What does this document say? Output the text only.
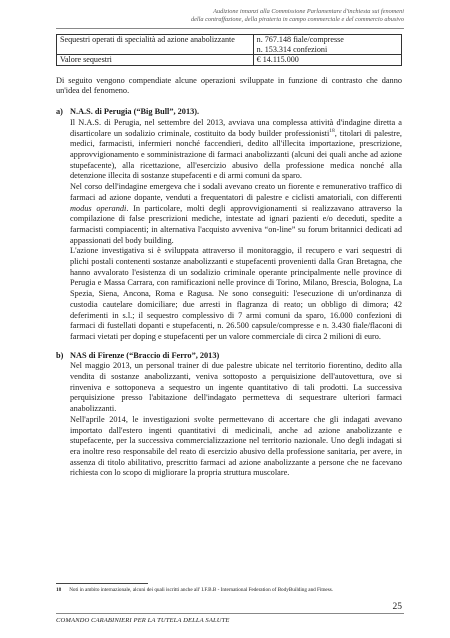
Audizione innanzi alla Commissione Parlamentare d'inchiesta sui fenomeni
della contraffazione, della pirateria in campo commerciale e del commercio abusivo
Sequestri operati di specialità ad azione anabolizzante	n. 767.148 fiale/compresse
n. 153.314 confezioni

Valore sequestri	€ 14.115.000

Di seguito vengono compendiate alcune operazioni sviluppate in funzione di contrasto che danno un'idea del fenomeno.

a) N.A.S. di Perugia (“Big Bull”, 2013).

Il N.A.S. di Perugia, nel settembre del 2013, avviava una complessa attività d'indagine diretta a disarticolare un sodalizio criminale, costituito da body builder professionisti$^{18}$, titolari di palestre, medici, farmacisti, infermieri nonché faccendieri, dedito all'illecita importazione, prescrizione, approvvigionamento e somministrazione di farmaci anabolizzanti (alcuni dei quali anche ad azione stupefacente), alla ricettazione, all'esercizio abusivo della professione medica nonché alla detenzione illecita di sostanze stupefacenti e di armi comuni da sparo.

Nel corso dell'indagine emergeva che i sodali avevano creato un fiorente e remunerativo traffico di farmaci ad azione dopante, venduti a frequentatori di palestre e ciclisti amatoriali, con differenti modus operandi. In particolare, molti degli approvvigionamenti si realizzavano attraverso la compilazione di false prescrizioni mediche, intestate ad ignari pazienti e/o deceduti, spedite a farmacisti compiacenti; in alternativa l'acquisto avveniva “on-line” su forum britannici dedicati ad appassionati del body building.

L'azione investigativa si è sviluppata attraverso il monitoraggio, il recupero e vari sequestri di plichi postali contenenti sostanze anabolizzanti e stupefacenti provenienti dalla Gran Bretagna, che hanno avvalorato l'esistenza di un sodalizio criminale operante principalmente nelle province di Perugia e Massa Carrara, con ramificazioni nelle province di Torino, Milano, Brescia, Bologna, La Spezia, Siena, Ancona, Roma e Ragusa. Ne sono conseguiti: l'esecuzione di un'ordinanza di custodia cautelare domiciliare; due arresti in flagranza di reato; un obbligo di dimora; 42 deferimenti in s.l.; il sequestro complessivo di 7 armi comuni da sparo, 16.000 confezioni di farmaci di fustellati dopanti e stupefacenti, n. 26.500 capsule/compresse e n. 3.430 fiale/flaconi di farmaci vietati per doping e stupefacenti per un valore commerciale di circa 2 milioni di euro.

b) NAS di Firenze (“Braccio di Ferro”, 2013)

Nel maggio 2013, un personal trainer di due palestre ubicate nel territorio fiorentino, dedito alla vendita di sostanze anabolizzanti, veniva sottoposto a perquisizione dell'autovettura, ove si rinveniva e sottoponeva a sequestro un ingente quantitativo di tali prodotti. La successiva perquisizione presso l'abitazione dell'indagato permetteva di sequestrare ulteriori farmaci anabolizzanti.

Nell'aprile 2014, le investigazioni svolte permettevano di accertare che gli indagati avevano importato dall'estero ingenti quantitativi di medicinali, anche ad azione anabolizzante e stupefacente, per la successiva commercializzazione nel territorio nazionale. Uno degli indagati si era inoltre reso responsabile del reato di esercizio abusivo della professione sanitaria, per avere, in assenza di titolo abilitativo, prescritto farmaci ad azione anabolizzante a persone che ne facevano richiesta con lo scopo di migliorare la propria struttura muscolare.

18 Noti in ambito internazionale, alcuni dei quali iscritti anche all' I.F.B.B - International Federation of BodyBuilding and Fitness.
25
COMANDO CARABINIERI PER LA TUTELA DELLA SALUTE
